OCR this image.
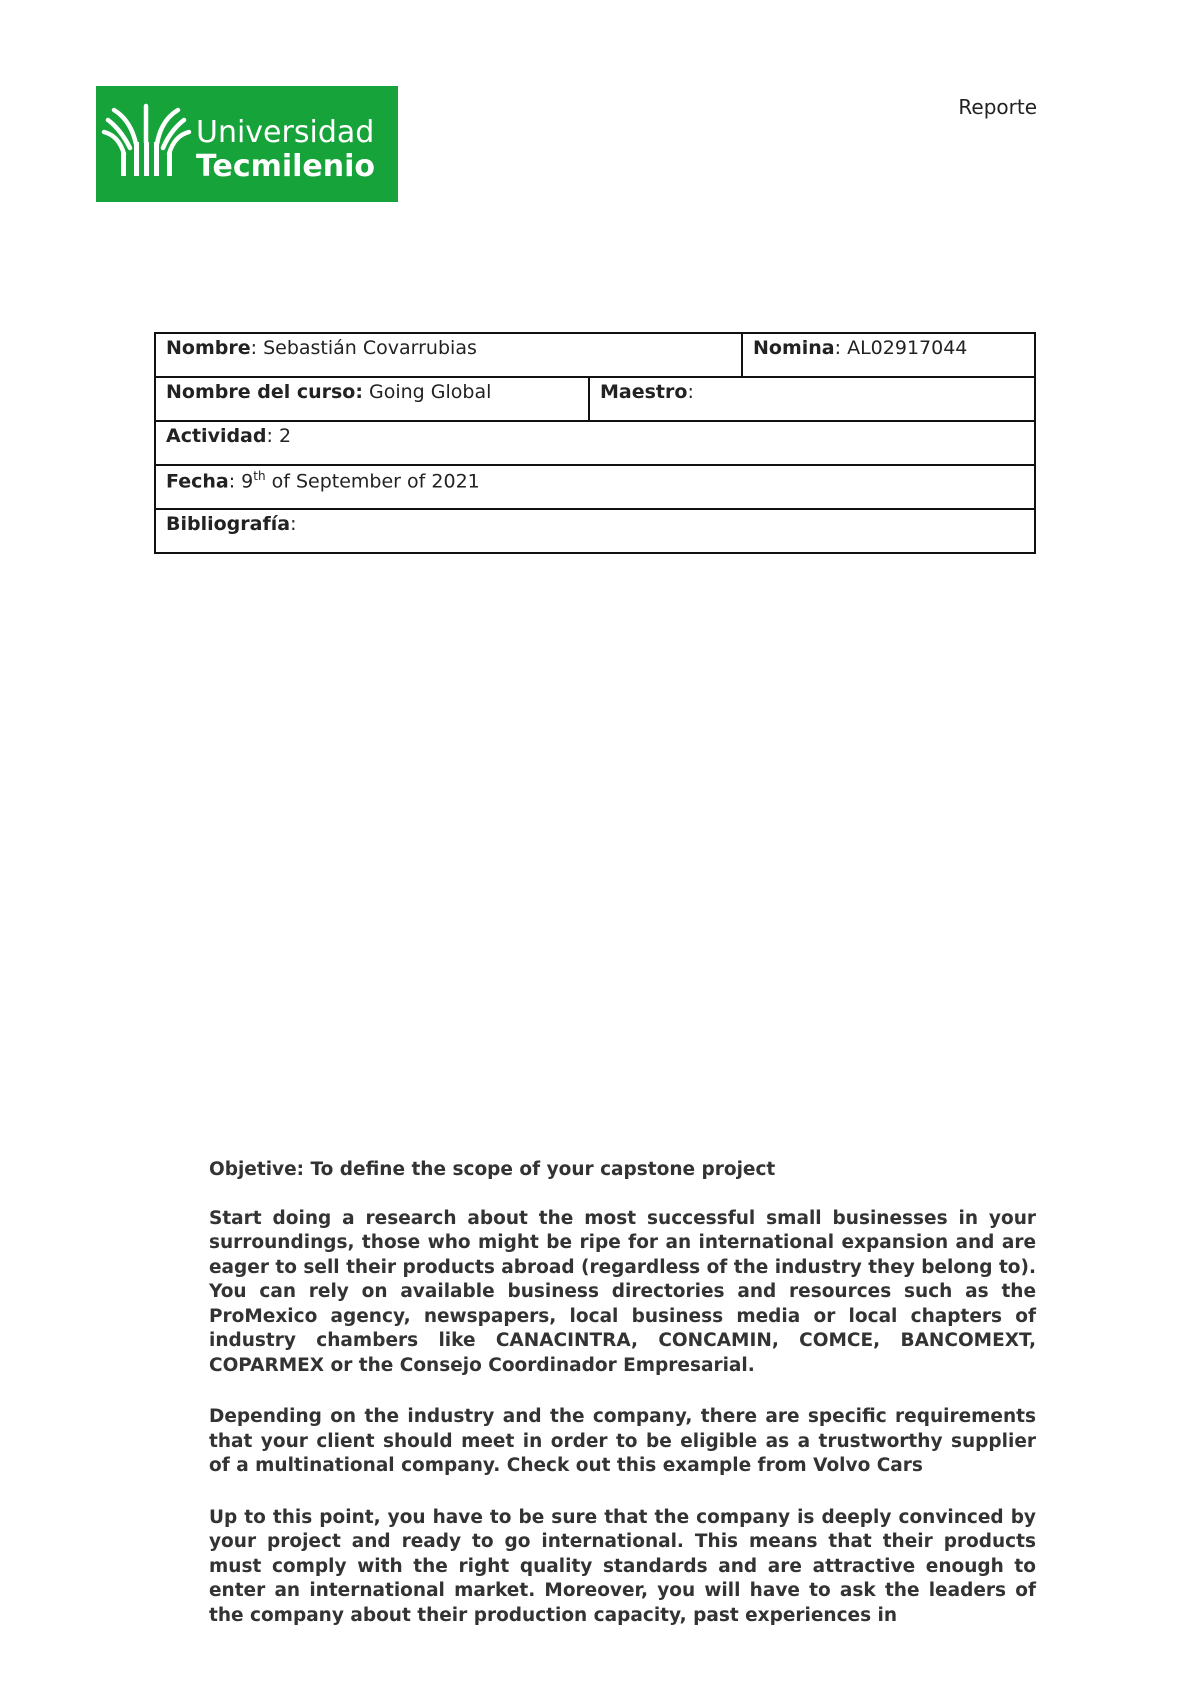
Universidad
Tecmilenio
Reporte
Nombre: Sebastián Covarrubias		Nomina: AL02917044
Nombre del curso: Going Global	Maestro:	
Actividad: 2		
Fecha: 9th of September of 2021		
Bibliografía:		

Objetive: To define the scope of your capstone project

Start doing a research about the most successful small businesses in your surroundings, those who might be ripe for an international expansion and are eager to sell their products abroad (regardless of the industry they belong to). You can rely on available business directories and resources such as the ProMexico agency, newspapers, local business media or local chapters of industry chambers like CANACINTRA, CONCAMIN, COMCE, BANCOMEXT, COPARMEX or the Consejo Coordinador Empresarial.

Depending on the industry and the company, there are specific requirements that your client should meet in order to be eligible as a trustworthy supplier of a multinational company. Check out this example from Volvo Cars

Up to this point, you have to be sure that the company is deeply convinced by your project and ready to go international. This means that their products must comply with the right quality standards and are attractive enough to enter an international market. Moreover, you will have to ask the leaders of the company about their production capacity, past experiences in
